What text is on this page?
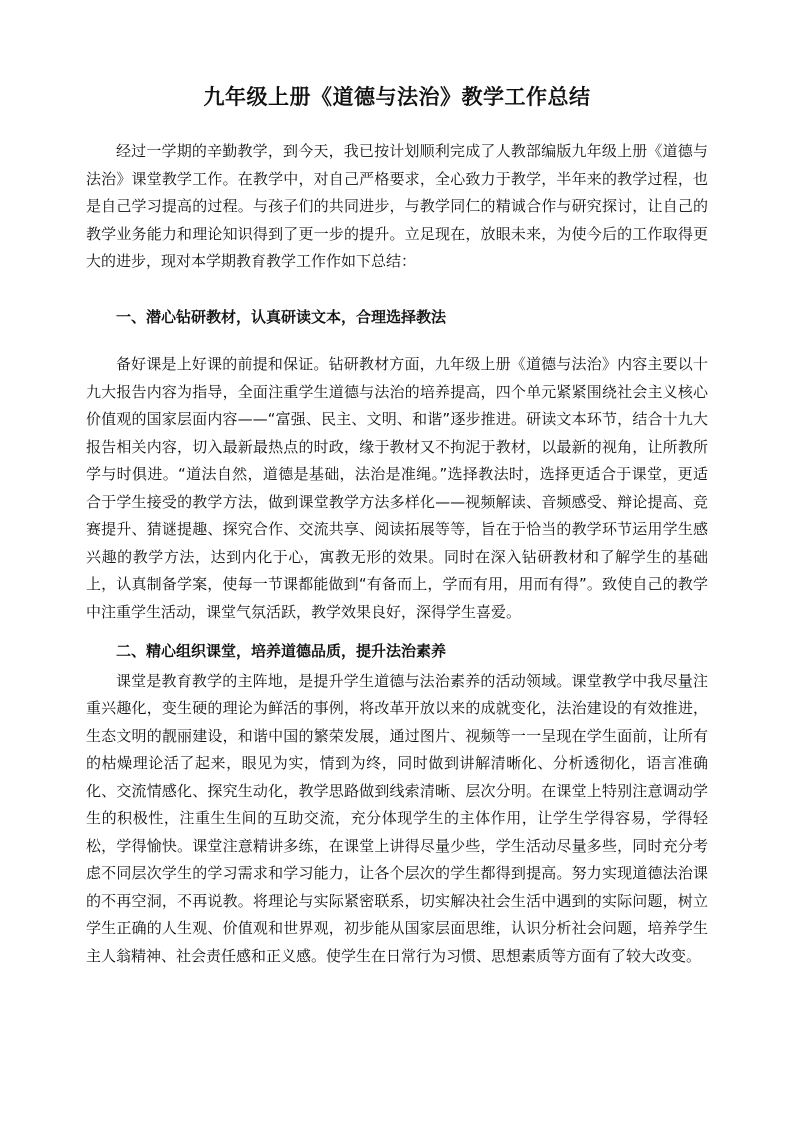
九年级上册《道德与法治》教学工作总结

经过一学期的辛勤教学，到今天，我已按计划顺利完成了人教部编版九年级上册《道德与法治》课堂教学工作。在教学中，对自己严格要求，全心致力于教学，半年来的教学过程，也是自己学习提高的过程。与孩子们的共同进步，与教学同仁的精诚合作与研究探讨，让自己的教学业务能力和理论知识得到了更一步的提升。立足现在，放眼未来，为使今后的工作取得更大的进步，现对本学期教育教学工作作如下总结：

一、潜心钻研教材，认真研读文本，合理选择教法

备好课是上好课的前提和保证。钻研教材方面，九年级上册《道德与法治》内容主要以十九大报告内容为指导，全面注重学生道德与法治的培养提高，四个单元紧紧围绕社会主义核心价值观的国家层面内容——“富强、民主、文明、和谐”逐步推进。研读文本环节，结合十九大报告相关内容，切入最新最热点的时政，缘于教材又不拘泥于教材，以最新的视角，让所教所学与时俱进。“道法自然，道德是基础，法治是准绳。”选择教法时，选择更适合于课堂，更适合于学生接受的教学方法，做到课堂教学方法多样化——视频解读、音频感受、辩论提高、竞赛提升、猜谜提趣、探究合作、交流共享、阅读拓展等等，旨在于恰当的教学环节运用学生感兴趣的教学方法，达到内化于心，寓教无形的效果。同时在深入钻研教材和了解学生的基础上，认真制备学案，使每一节课都能做到“有备而上，学而有用，用而有得”。致使自己的教学中注重学生活动，课堂气氛活跃，教学效果良好，深得学生喜爱。

二、精心组织课堂，培养道德品质，提升法治素养

课堂是教育教学的主阵地，是提升学生道德与法治素养的活动领域。课堂教学中我尽量注重兴趣化，变生硬的理论为鲜活的事例，将改革开放以来的成就变化，法治建设的有效推进，生态文明的靓丽建设，和谐中国的繁荣发展，通过图片、视频等一一呈现在学生面前，让所有的枯燥理论活了起来，眼见为实，情到为终，同时做到讲解清晰化、分析透彻化，语言准确化、交流情感化、探究生动化，教学思路做到线索清晰、层次分明。在课堂上特别注意调动学生的积极性，注重生生间的互助交流，充分体现学生的主体作用，让学生学得容易，学得轻松，学得愉快。课堂注意精讲多练，在课堂上讲得尽量少些，学生活动尽量多些，同时充分考虑不同层次学生的学习需求和学习能力，让各个层次的学生都得到提高。努力实现道德法治课的不再空洞，不再说教。将理论与实际紧密联系，切实解决社会生活中遇到的实际问题，树立学生正确的人生观、价值观和世界观，初步能从国家层面思维，认识分析社会问题，培养学生主人翁精神、社会责任感和正义感。使学生在日常行为习惯、思想素质等方面有了较大改变。
